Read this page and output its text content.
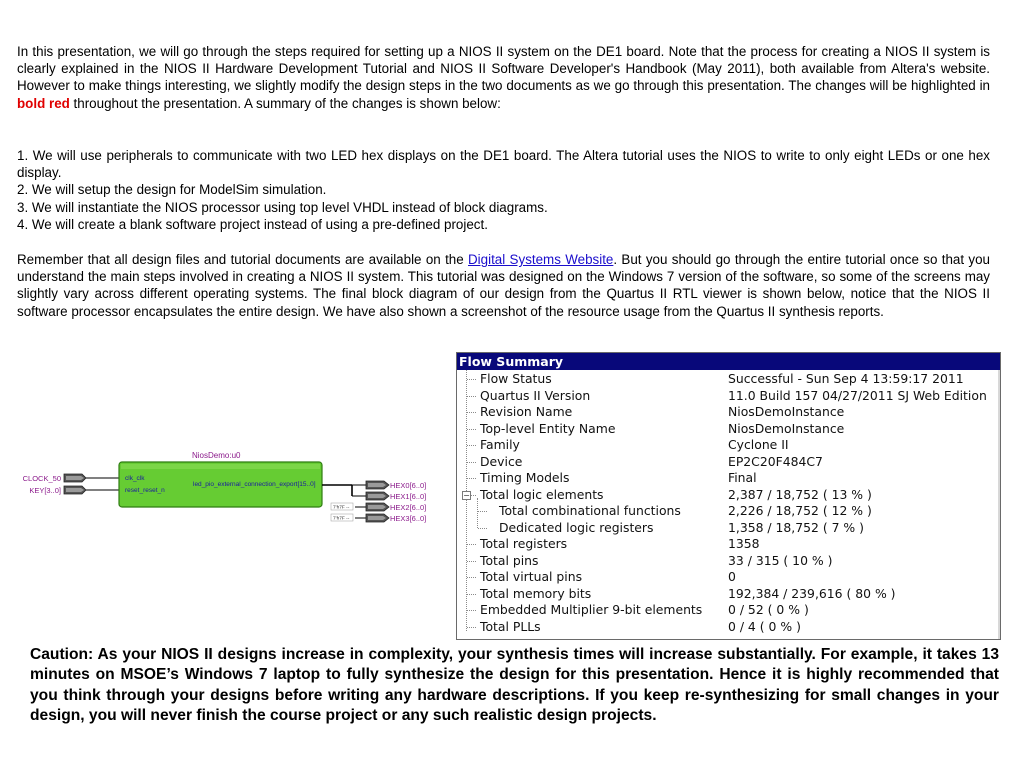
In this presentation, we will go through the steps required for setting up a NIOS II system on the DE1 board. Note that the process for creating a NIOS II system is clearly explained in the NIOS II Hardware Development Tutorial and NIOS II Software Developer's Handbook (May 2011), both available from Altera's website. However to make things interesting, we slightly modify the design steps in the two documents as we go through this presentation. The changes will be highlighted in bold red throughout the presentation. A summary of the changes is shown below:

1. We will use peripherals to communicate with two LED hex displays on the DE1 board. The Altera tutorial uses the NIOS to write to only eight LEDs or one hex display.
2. We will setup the design for ModelSim simulation.
3. We will instantiate the NIOS processor using top level VHDL instead of block diagrams.
4. We will create a blank software project instead of using a pre-defined project.

Remember that all design files and tutorial documents are available on the Digital Systems Website. But you should go through the entire tutorial once so that you understand the main steps involved in creating a NIOS II system. This tutorial was designed on the Windows 7 version of the software, so some of the screens may slightly vary across different operating systems. The final block diagram of our design from the Quartus II RTL viewer is shown below, notice that the NIOS II software processor encapsulates the entire design. We have also shown a screenshot of the resource usage from the Quartus II synthesis reports.

NiosDemo:u0
CLOCK_50
KEY[3..0]
clk_clk
reset_reset_n
led_pio_external_connection_export[15..0]
7'h7F --
7'h7F --
HEX0[6..0]
HEX1[6..0]
HEX2[6..0]
HEX3[6..0]
Flow Summary
Flow Status	Successful - Sun Sep 4 13:59:17 2011
Quartus II Version	11.0 Build 157 04/27/2011 SJ Web Edition
Revision Name	NiosDemoInstance
Top-level Entity Name	NiosDemoInstance
Family	Cyclone II
Device	EP2C20F484C7
Timing Models	Final
− Total logic elements	2,387 / 18,752 ( 13 % )
Total combinational functions	2,226 / 18,752 ( 12 % )
Dedicated logic registers	1,358 / 18,752 ( 7 % )
Total registers	1358
Total pins	33 / 315 ( 10 % )
Total virtual pins	0
Total memory bits	192,384 / 239,616 ( 80 % )
Embedded Multiplier 9-bit elements 0 / 52 ( 0 % )
Total PLLs	0 / 4 ( 0 % )

Caution: As your NIOS II designs increase in complexity, your synthesis times will increase substantially. For example, it takes 13 minutes on MSOE’s Windows 7 laptop to fully synthesize the design for this presentation. Hence it is highly recommended that you think through your designs before writing any hardware descriptions. If you keep re-synthesizing for small changes in your design, you will never finish the course project or any such realistic design projects.
